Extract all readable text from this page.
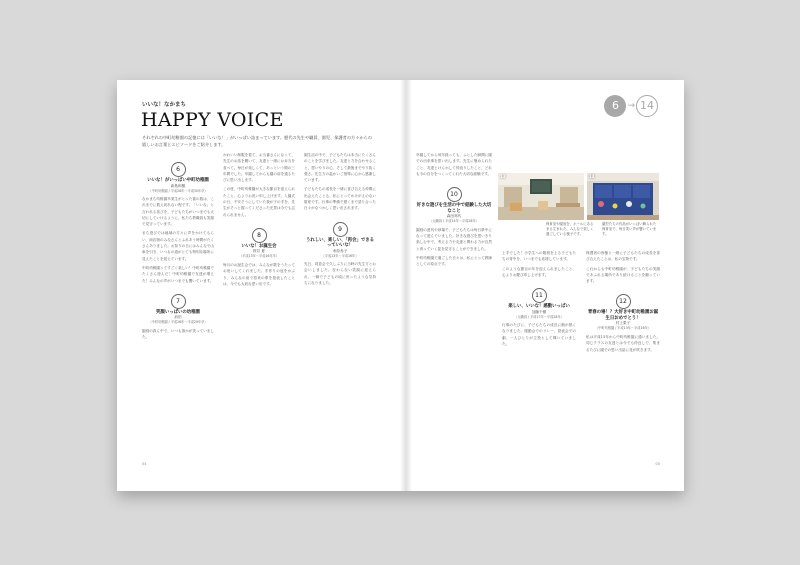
いいな！なかまち
HAPPY VOICE
それぞれの中町幼稚園の記憶には「いいな！」がいっぱい詰まっています。歴代の先生や職員、園児、保護者の方々からの嬉しいお言葉とエピソードをご紹介します。
6
いいな！がいっぱい中町幼稚園
新島和樹
（中町幼稚園 / 平成28年〜平成30年卒）

なかまち幼稚園卒業生がとった賞の数は、これまでに数え切れない程です。「いいな」と言われる喜びを、子どもたちがいつまでも大切にしていけるように、私たち教職員も笑顔で見守っています。

まち遊びでは地域の方々に声をかけてもらい、商店街のみなさんとふれあう時間がたくさんありました。お祭りの日にはみんなで山車を引き、いつもの道がとても特別な場所に見えたことを覚えています。

中町幼稚園ってすごく楽しい！中町幼稚園でたくさん遊んだ！中町幼稚園で友達が増えた！みんなの声がいつまでも響いています。

7
笑顔いっぱいの幼稚園
前田 　
（中町幼稚園 / 平成26年〜平成29年卒）

園庭の真ん中で、いつも誰かが笑っていました。

かわいい制服を着て、お当番さんになって、先生のお話を聞いて、友達と一緒にお弁当を食べて。毎日が楽しくて、あっという間の三年間でした。卒園してからも園の前を通るたびに思い出します。

この度、中町幼稚園が大きな節目を迎えられたこと、心よりお祝い申し上げます。入園式の日、不安そうにしていた我が子の手を、先生がそっと握ってくださった光景は今でも忘れられません。

8
いいな！お誕生会
桜井 夏
（平成13年〜平成16年卒）

毎月のお誕生会では、みんなが歌をうたってお祝いしてくれました。手作りの冠をかぶり、みんなの前で将来の夢を発表したことは、今でも大切な思い出です。

園生活の中で、子どもたちは本当にたくさんのことを学びました。友達と力を合わせること、思いやりの心、そして最後までやり抜く強さ。先生方の温かいご指導に心から感謝しています。

子どもたちの成長を一緒に喜び合える仲間に出会えたことも、私にとってかけがえのない財産です。行事の準備で遅くまで語り合った日々がなつかしく思い出されます。

9
うれしい、楽しい、「再会」できるっていいな！
糸原寿子
（平成13年〜平成16年）

先日、同窓会で久しぶりに当時の先生方とお会いしました。変わらない笑顔に迎えられ、一瞬で子どもの頃に戻ったような気持ちになりました。

04
6 → 14
13	14
保育室や園庭を、ホールにあるまる生まれた、みんなで楽しく過ごしている様子です。
園児たちの作品がいっぱい飾られた保育室で、毎日笑い声が響いています。

卒園してから何年経っても、ふとした瞬間に園での出来事を思い出します。先生に褒められたこと、友達とけんかして仲直りしたこと、どれも今の自分をつくってくれた大切な経験です。

10
好きな遊びを生活の中で経験した大切なこと
森田邦代
（元職員 / 平成14年〜平成28年）

園庭の遊具や砂場で、子どもたちは毎日夢中になって遊んでいました。好きな遊びを思いきり楽しむ中で、考える力や友達と関わる力が自然と育っていく姿を見守ることができました。

中町幼稚園で過ごした日々は、私にとって教師としての原点です。

上手でした！小学生への階段を上る子どもたちの背中を、いつまでも応援しています。

このような節目の年を迎えられましたこと、心よりお慶び申し上げます。

11
楽しい、いいな！感動いっぱい
加藤千穂
（元職員 / 平成17年〜平成28年）

行事のたびに、子どもたちの成長に胸が熱くなりました。運動会でのリレー、発表会での劇、一人ひとりが主役として輝いていました。

保護者の皆様と一緒に子どもたちの成長を喜び合えたことは、私の宝物です。

これからも中町幼稚園が、子どもたちの笑顔であふれる場所であり続けることを願っています。

12
青春の場！？大好き中町幼稚園お誕生日おめでとう！
村上果子
（中町幼稚園 / 平成13年〜平成16年）

私は平成13年から中町幼稚園に通いました。同じクラスの友達とは今でも仲良しで、集まるたびに園での思い出話に花が咲きます。

05
